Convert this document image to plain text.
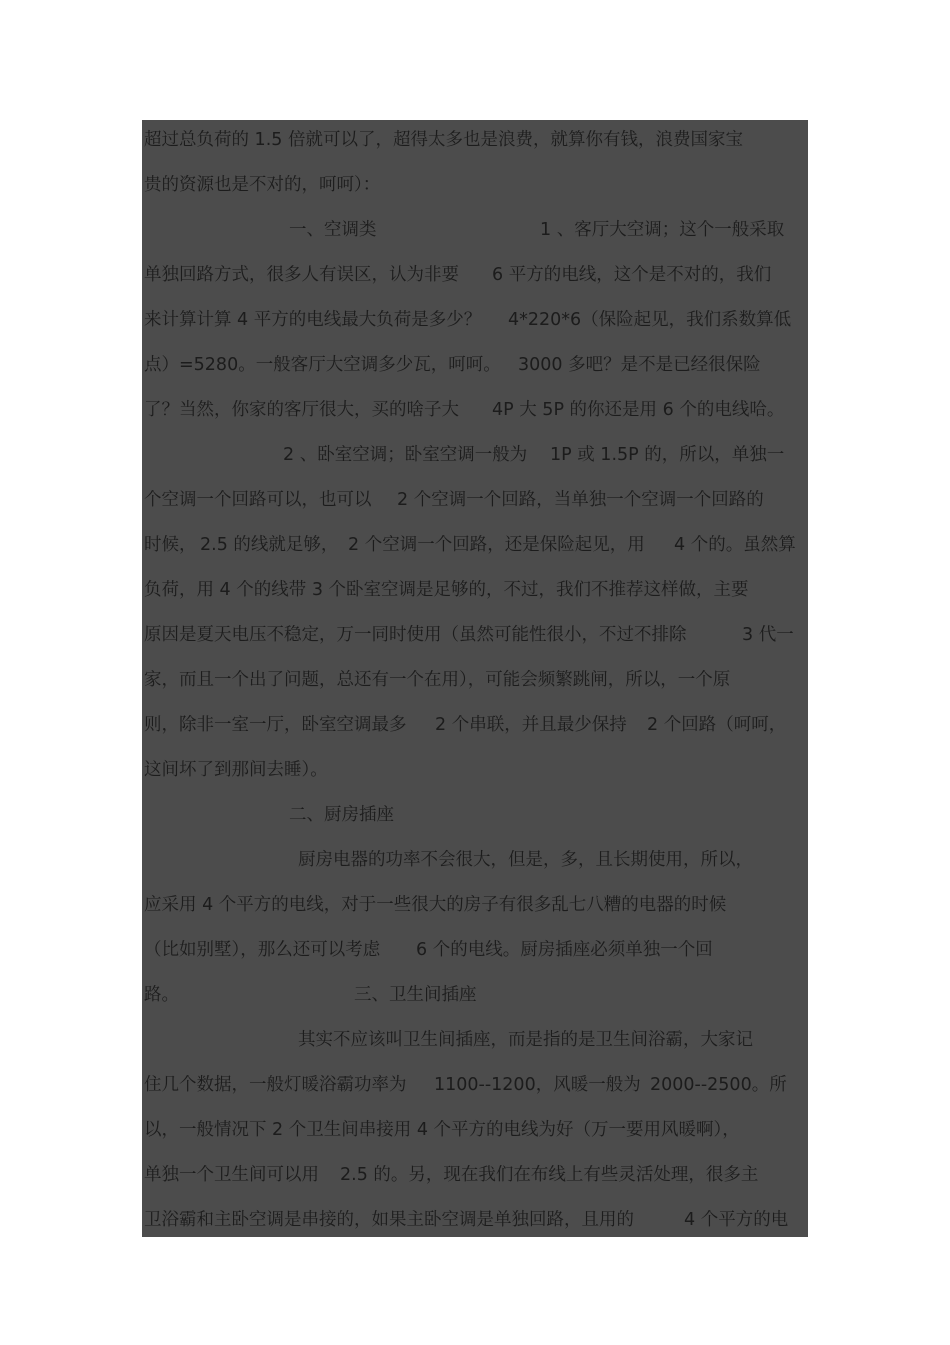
超过总负荷的 1.5 倍就可以了，超得太多也是浪费，就算你有钱，浪费国家宝
贵的资源也是不对的，呵呵）：
一、空调类	1 、客厅大空调；这个一般采取
单独回路方式，很多人有误区，认为非要 6 平方的电线，这个是不对的，我们
来计算计算 4 平方的电线最大负荷是多少？ 4*220*6（保险起见，我们系数算低
点）=5280。一般客厅大空调多少瓦，呵呵。 3000 多吧？是不是已经很保险
了？当然，你家的客厅很大，买的啥子大 4P 大 5P 的你还是用 6 个的电线哈。
2 、卧室空调；卧室空调一般为 1P 或 1.5P 的，所以，单独一
个空调一个回路可以，也可以 2 个空调一个回路，当单独一个空调一个回路的
时候， 2.5 的线就足够， 2 个空调一个回路，还是保险起见，用 4 个的。虽然算
负荷，用 4 个的线带 3 个卧室空调是足够的，不过，我们不推荐这样做，主要
原因是夏天电压不稳定，万一同时使用（虽然可能性很小，不过不排除	3 代一
家，而且一个出了问题，总还有一个在用），可能会频繁跳闸，所以，一个原
则，除非一室一厅，卧室空调最多 2 个串联，并且最少保持 2 个回路（呵呵，
这间坏了到那间去睡）。
二、厨房插座
厨房电器的功率不会很大，但是，多，且长期使用，所以，
应采用 4 个平方的电线，对于一些很大的房子有很多乱七八糟的电器的时候
（比如别墅），那么还可以考虑 6 个的电线。厨房插座必须单独一个回
路。	三、卫生间插座
其实不应该叫卫生间插座，而是指的是卫生间浴霸，大家记
住几个数据，一般灯暖浴霸功率为 1100--1200，风暖一般为 2000--2500。所
以，一般情况下 2 个卫生间串接用 4 个平方的电线为好（万一要用风暖啊），
单独一个卫生间可以用 2.5 的。另，现在我们在布线上有些灵活处理，很多主
卫浴霸和主卧空调是串接的，如果主卧空调是单独回路，且用的	4 个平方的电
